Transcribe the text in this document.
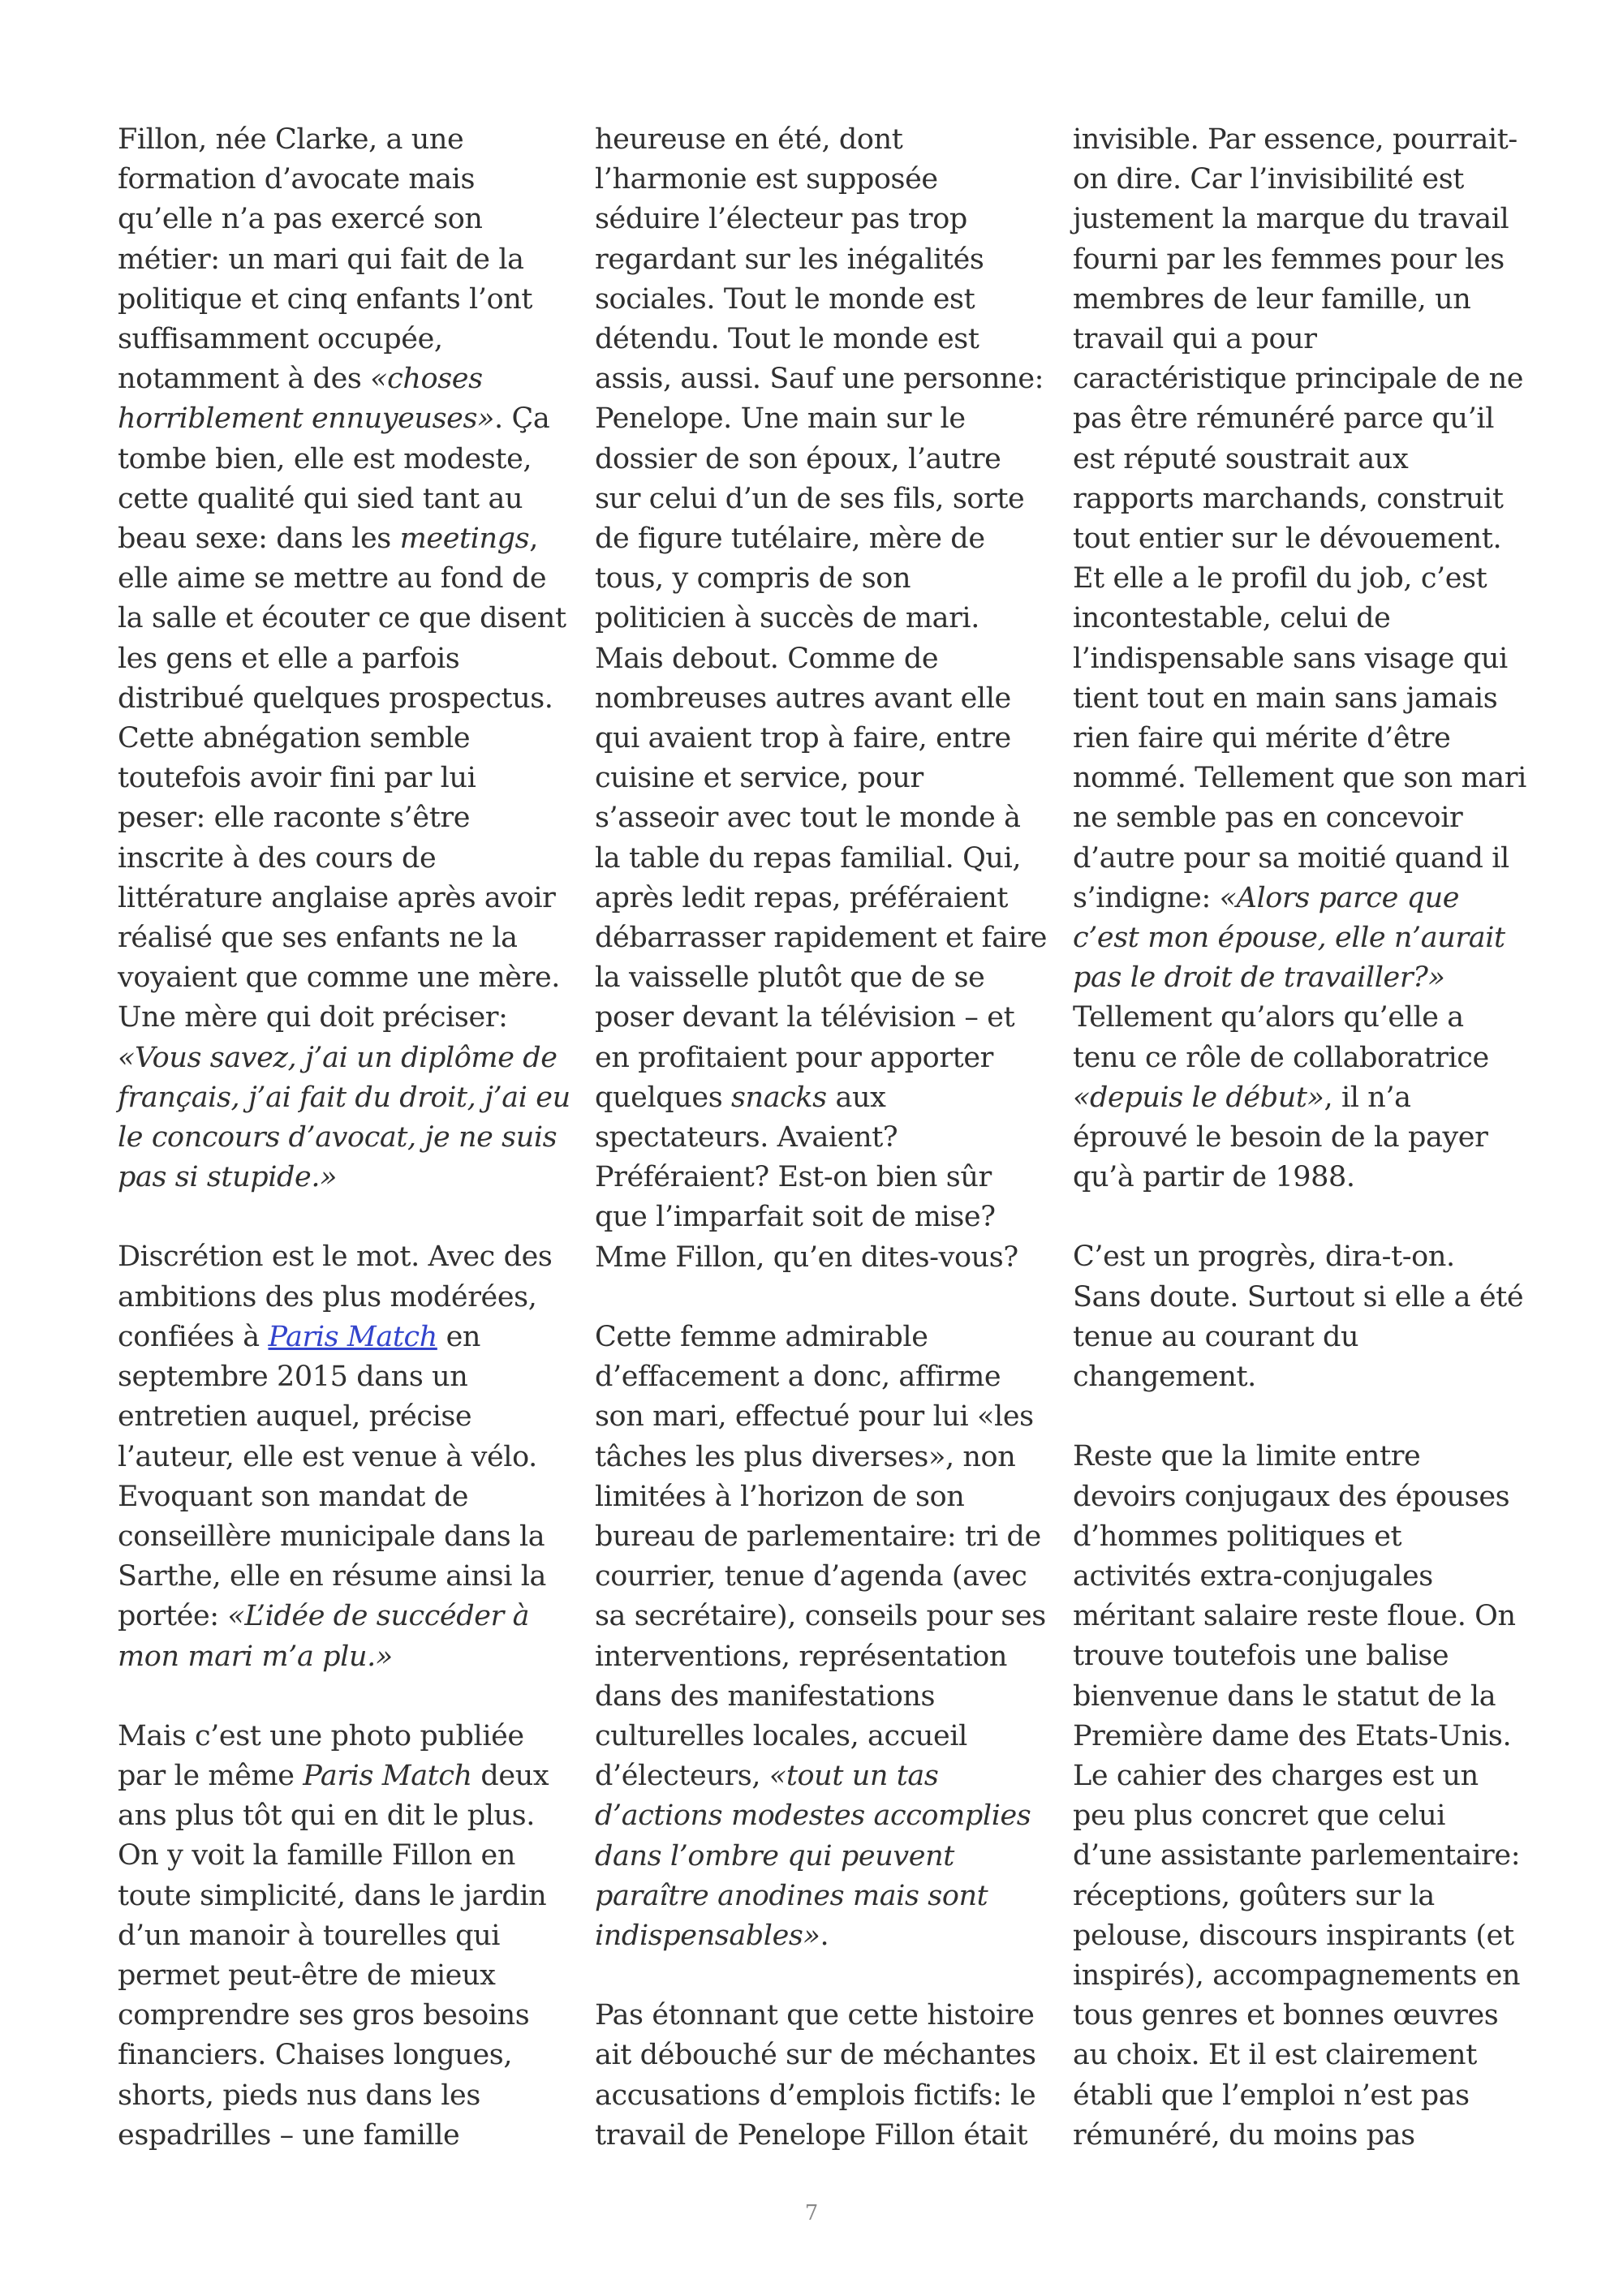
Fillon, née Clarke, a une formation d’avocate mais qu’elle n’a pas exercé son métier: un mari qui fait de la politique et cinq enfants l’ont suffisamment occupée, notamment à des «choses horriblement ennuyeuses». Ça tombe bien, elle est modeste, cette qualité qui sied tant au beau sexe: dans les meetings, elle aime se mettre au fond de la salle et écouter ce que disent les gens et elle a parfois distribué quelques prospectus. Cette abnégation semble toutefois avoir fini par lui peser: elle raconte s’être inscrite à des cours de littérature anglaise après avoir réalisé que ses enfants ne la voyaient que comme une mère. Une mère qui doit préciser: «Vous savez, j’ai un diplôme de français, j’ai fait du droit, j’ai eu le concours d’avocat, je ne suis pas si stupide.»

Discrétion est le mot. Avec des ambitions des plus modérées, confiées à Paris Match en septembre 2015 dans un entretien auquel, précise l’auteur, elle est venue à vélo. Evoquant son mandat de conseillère municipale dans la Sarthe, elle en résume ainsi la portée: «L’idée de succéder à mon mari m’a plu.»

Mais c’est une photo publiée par le même Paris Match deux ans plus tôt qui en dit le plus. On y voit la famille Fillon en toute simplicité, dans le jardin d’un manoir à tourelles qui permet peut-être de mieux comprendre ses gros besoins financiers. Chaises longues, shorts, pieds nus dans les espadrilles – une famille

heureuse en été, dont l’harmonie est supposée séduire l’électeur pas trop regardant sur les inégalités sociales. Tout le monde est détendu. Tout le monde est assis, aussi. Sauf une personne: Penelope. Une main sur le dossier de son époux, l’autre sur celui d’un de ses fils, sorte de figure tutélaire, mère de tous, y compris de son politicien à succès de mari. Mais debout. Comme de nombreuses autres avant elle qui avaient trop à faire, entre cuisine et service, pour s’asseoir avec tout le monde à la table du repas familial. Qui, après ledit repas, préféraient débarrasser rapidement et faire la vaisselle plutôt que de se poser devant la télévision – et en profitaient pour apporter quelques snacks aux spectateurs. Avaient? Préféraient? Est-on bien sûr que l’imparfait soit de mise? Mme Fillon, qu’en dites-vous?

Cette femme admirable d’effacement a donc, affirme son mari, effectué pour lui «les tâches les plus diverses», non limitées à l’horizon de son bureau de parlementaire: tri de courrier, tenue d’agenda (avec sa secrétaire), conseils pour ses interventions, représentation dans des manifestations culturelles locales, accueil d’électeurs, «tout un tas d’actions modestes accomplies dans l’ombre qui peuvent paraître anodines mais sont indispensables».

Pas étonnant que cette histoire ait débouché sur de méchantes accusations d’emplois fictifs: le travail de Penelope Fillon était

invisible. Par essence, pourrait-on dire. Car l’invisibilité est justement la marque du travail fourni par les femmes pour les membres de leur famille, un travail qui a pour caractéristique principale de ne pas être rémunéré parce qu’il est réputé soustrait aux rapports marchands, construit tout entier sur le dévouement. Et elle a le profil du job, c’est incontestable, celui de l’indispensable sans visage qui tient tout en main sans jamais rien faire qui mérite d’être nommé. Tellement que son mari ne semble pas en concevoir d’autre pour sa moitié quand il s’indigne: «Alors parce que c’est mon épouse, elle n’aurait pas le droit de travailler?» Tellement qu’alors qu’elle a tenu ce rôle de collaboratrice «depuis le début», il n’a éprouvé le besoin de la payer qu’à partir de 1988.

C’est un progrès, dira-t-on. Sans doute. Surtout si elle a été tenue au courant du changement.

Reste que la limite entre devoirs conjugaux des épouses d’hommes politiques et activités extra-conjugales méritant salaire reste floue. On trouve toutefois une balise bienvenue dans le statut de la Première dame des Etats-Unis. Le cahier des charges est un peu plus concret que celui d’une assistante parlementaire: réceptions, goûters sur la pelouse, discours inspirants (et inspirés), accompagnements en tous genres et bonnes œuvres au choix. Et il est clairement établi que l’emploi n’est pas rémunéré, du moins pas

7
